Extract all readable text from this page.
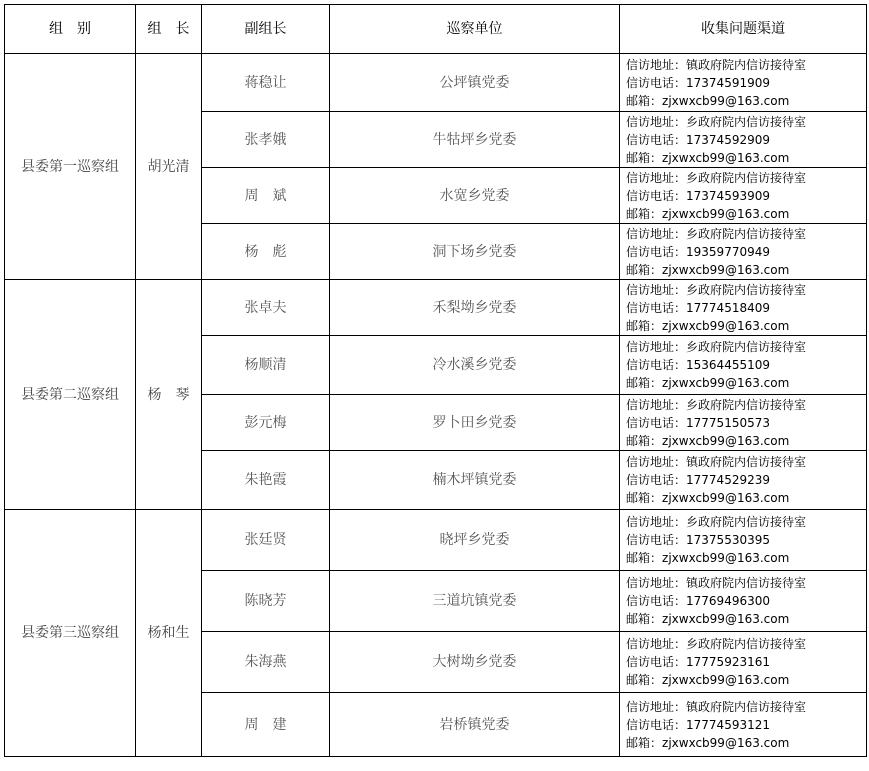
组　别	组　长	副组长	巡察单位	收集问题渠道
县委第一巡察组	胡光清	蒋稳让	公坪镇党委	信访地址：镇政府院内信访接待室
信访电话：17374591909
邮箱：zjxwxcb99@163.com

		张孝娥	牛牯坪乡党委	信访地址：乡政府院内信访接待室
信访电话：17374592909
邮箱：zjxwxcb99@163.com

		周　斌	水宽乡党委	信访地址：乡政府院内信访接待室
信访电话：17374593909
邮箱：zjxwxcb99@163.com

		杨　彪	洞下场乡党委	信访地址：乡政府院内信访接待室
信访电话：19359770949
邮箱：zjxwxcb99@163.com

县委第二巡察组	杨　琴	张卓夫	禾梨坳乡党委	信访地址：乡政府院内信访接待室
信访电话：17774518409
邮箱：zjxwxcb99@163.com

		杨顺清	冷水溪乡党委	信访地址：乡政府院内信访接待室
信访电话：15364455109
邮箱：zjxwxcb99@163.com

		彭元梅	罗卜田乡党委	信访地址：乡政府院内信访接待室
信访电话：17775150573
邮箱：zjxwxcb99@163.com

		朱艳霞	楠木坪镇党委	信访地址：镇政府院内信访接待室
信访电话：17774529239
邮箱：zjxwxcb99@163.com

县委第三巡察组	杨和生	张廷贤	晓坪乡党委	信访地址：乡政府院内信访接待室
信访电话：17375530395
邮箱：zjxwxcb99@163.com

		陈晓芳	三道坑镇党委	信访地址：镇政府院内信访接待室
信访电话：17769496300
邮箱：zjxwxcb99@163.com

		朱海燕	大树坳乡党委	信访地址：乡政府院内信访接待室
信访电话：17775923161
邮箱：zjxwxcb99@163.com

		周　建	岩桥镇党委	信访地址：镇政府院内信访接待室
信访电话：17774593121
邮箱：zjxwxcb99@163.com
